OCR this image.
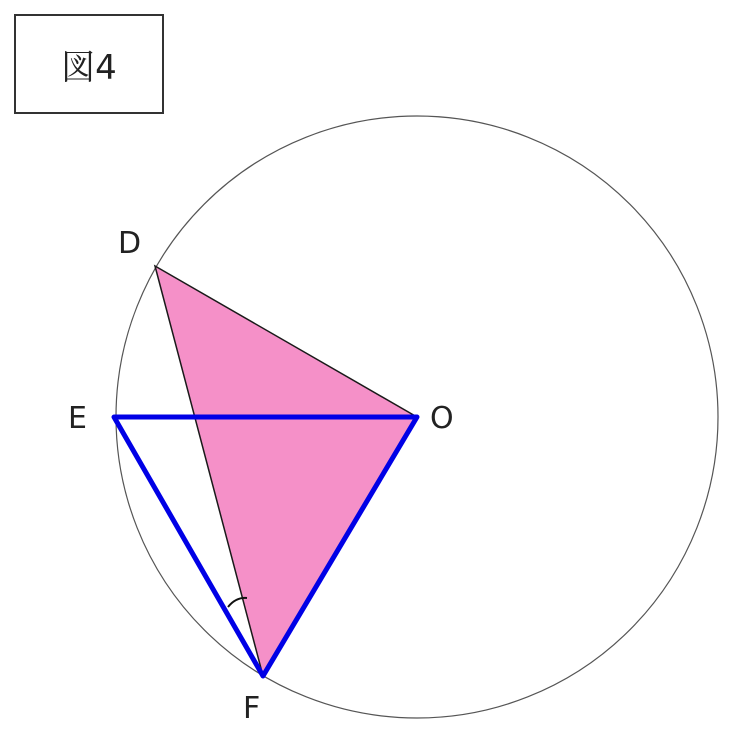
図4
D
E	O
F
